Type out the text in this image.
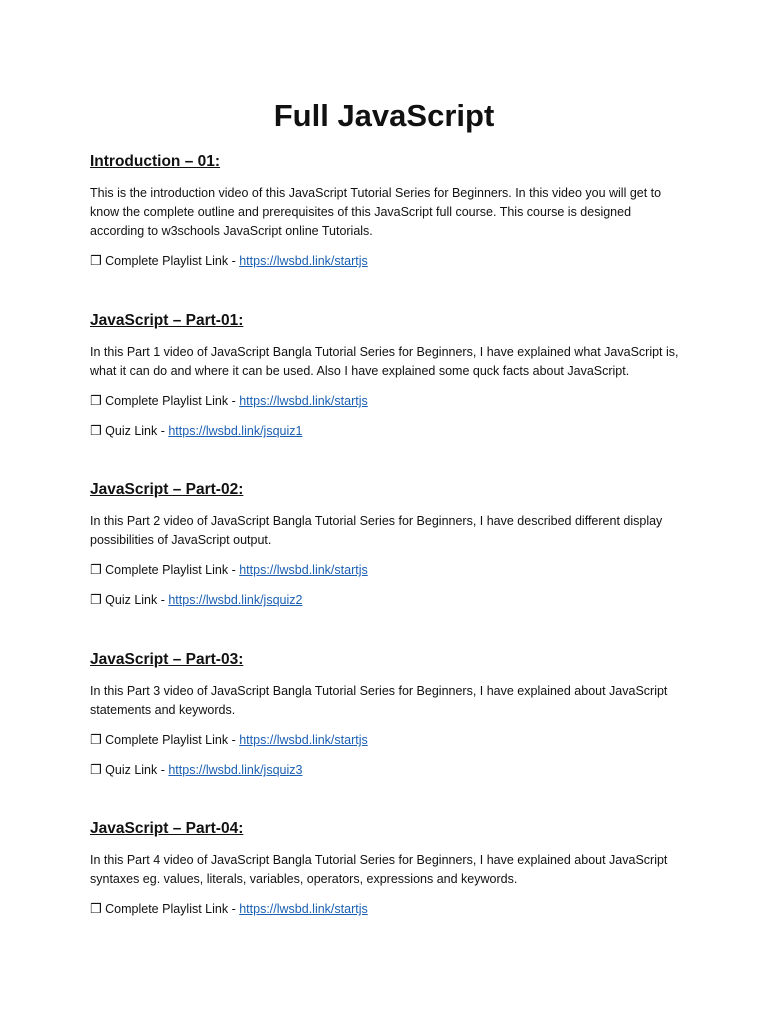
Full JavaScript
Introduction – 01:

This is the introduction video of this JavaScript Tutorial Series for Beginners. In this video you will get to know the complete outline and prerequisites of this JavaScript full course. This course is designed according to w3schools JavaScript online Tutorials.

❒ Complete Playlist Link - https://lwsbd.link/startjs

JavaScript – Part-01:

In this Part 1 video of JavaScript Bangla Tutorial Series for Beginners, I have explained what JavaScript is, what it can do and where it can be used. Also I have explained some quck facts about JavaScript.

❒ Complete Playlist Link - https://lwsbd.link/startjs

❒ Quiz Link - https://lwsbd.link/jsquiz1

JavaScript – Part-02:

In this Part 2 video of JavaScript Bangla Tutorial Series for Beginners, I have described different display possibilities of JavaScript output.

❒ Complete Playlist Link - https://lwsbd.link/startjs

❒ Quiz Link - https://lwsbd.link/jsquiz2

JavaScript – Part-03:

In this Part 3 video of JavaScript Bangla Tutorial Series for Beginners, I have explained about JavaScript statements and keywords.

❒ Complete Playlist Link - https://lwsbd.link/startjs

❒ Quiz Link - https://lwsbd.link/jsquiz3

JavaScript – Part-04:

In this Part 4 video of JavaScript Bangla Tutorial Series for Beginners, I have explained about JavaScript syntaxes eg. values, literals, variables, operators, expressions and keywords.

❒ Complete Playlist Link - https://lwsbd.link/startjs
